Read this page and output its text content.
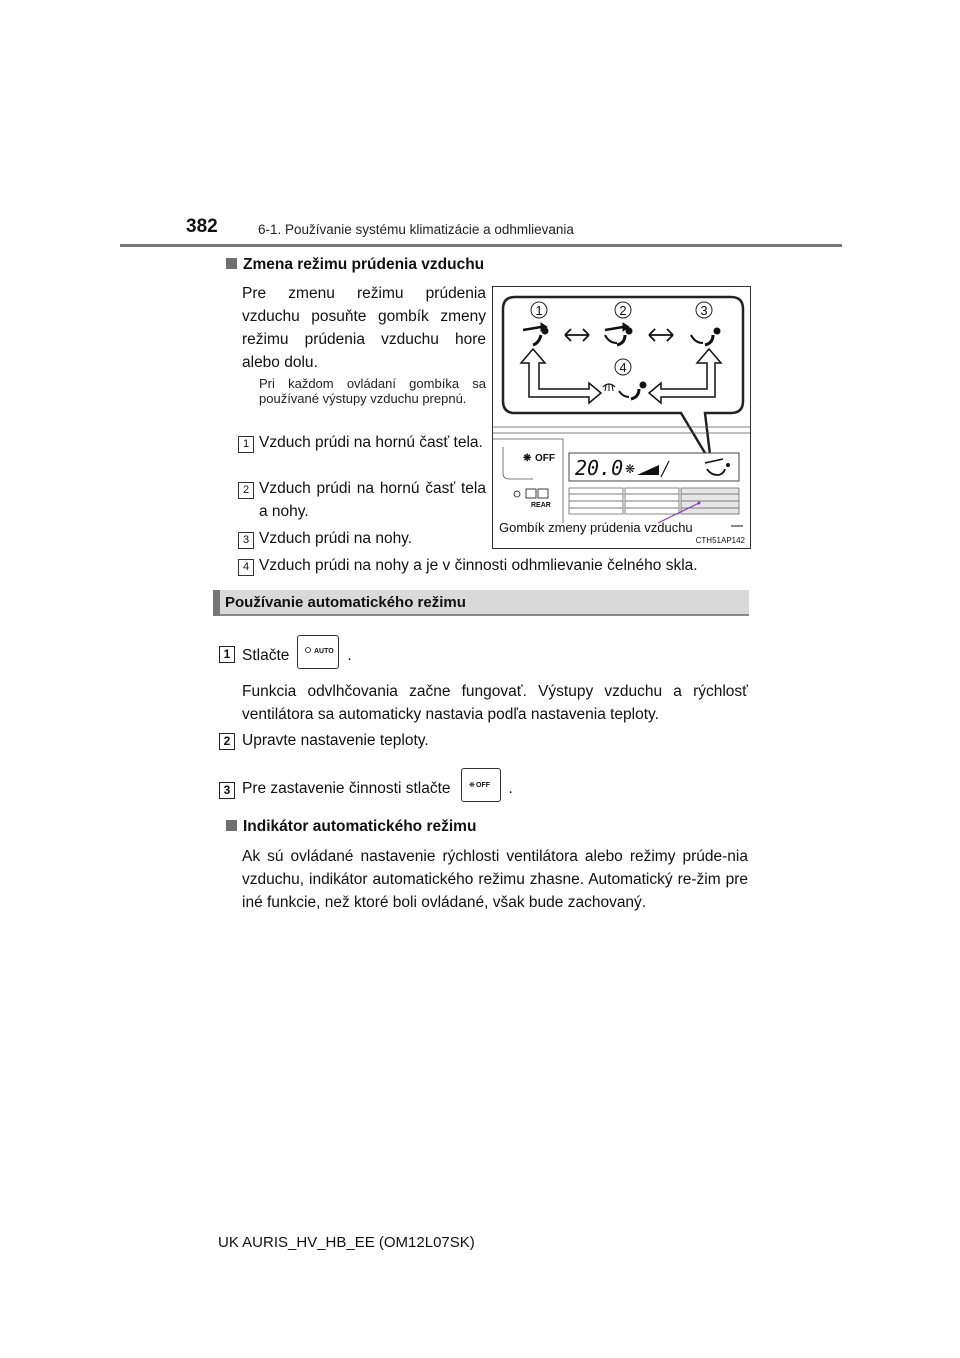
382	6-1. Používanie systému klimatizácie a odhmlievania
Zmena režimu prúdenia vzduchu
Pre zmenu režimu prúdenia vzduchu posuňte gombík zmeny režimu prúdenia vzduchu hore alebo dolu.
Pri každom ovládaní gombíka sa používané výstupy vzduchu prepnú.
1 Vzduch prúdi na hornú časť tela.
2 Vzduch prúdi na hornú časť tela a nohy.
3 Vzduch prúdi na nohy.
4 Vzduch prúdi na nohy a je v činnosti odhmlievanie čelného skla.
1	2	3
4
❋ OFF
REAR
20.0 ❋
Gombík zmeny prúdenia vzduchu
CTH51AP142
Používanie automatického režimu
1 Stlačte	AUTO .
Funkcia odvlhčovania začne fungovať. Výstupy vzduchu a rýchlosť ventilátora sa automaticky nastavia podľa nastavenia teploty.
2 Upravte nastavenie teploty.
3 Pre zastavenie činnosti stlačte	❋ OFF .
Indikátor automatického režimu
Ak sú ovládané nastavenie rýchlosti ventilátora alebo režimy prúde-nia vzduchu, indikátor automatického režimu zhasne. Automatický re-žim pre iné funkcie, než ktoré boli ovládané, však bude zachovaný.
UK AURIS_HV_HB_EE (OM12L07SK)
